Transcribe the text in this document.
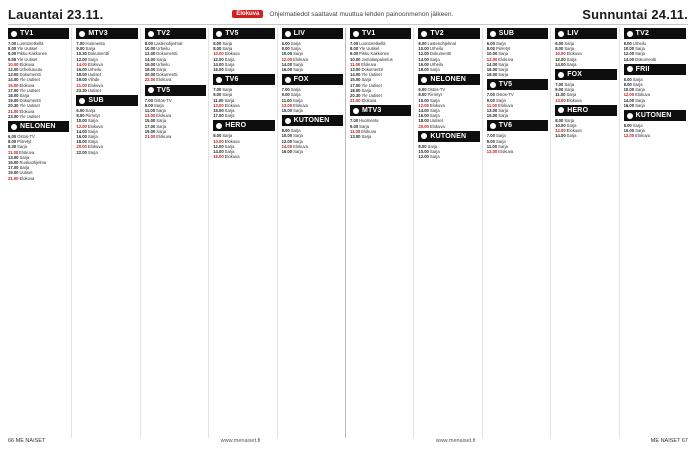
Lauantai 23.11.	Elokuva	Ohjelmatiedot saattavat muuttua lehden painoonmenon jälkeen.	Sunnuntai 24.11.
TV1
7.00Luontoretkellä
8.00Yle Uutiset
9.00Pikku Kakkonen
9.55Yle Uutiset
10.00Elokuva
12.00Urheiluruutu
13.00Dokumentti
14.00Yle Uutiset
15.00Elokuva
17.00Yle Uutiset
18.00Sarja
19.00Dokumentti
20.30Yle Uutiset
21.00Elokuva
23.00Yle Uutiset
NELONEN
6.00Ostos-TV
8.00Piirretyt
9.30Sarja
11.00Elokuva
13.00Sarja
15.00Ruokaohjelma
17.00Sarja
19.00Uutiset
21.00Elokuva
MTV3
7.00Huomenta
9.00Sarja
10.30Dokumentti
12.00Sarja
14.00Elokuva
16.00Urheilu
18.00Uutiset
19.00Viihde
21.00Elokuva
23.30Uutiset
SUB
6.00Sarja
8.00Piirretyt
10.00Sarja
12.00Elokuva
14.00Sarja
16.00Sarja
18.00Sarja
20.00Elokuva
22.00Sarja
TV2
8.00Lastenohjelmat
10.00Urheilu
12.00Dokumentti
14.00Sarja
16.00Urheilu
18.00Sarja
20.00Dokumentti
22.00Elokuva
TV5
7.00Ostos-TV
9.00Sarja
11.00Sarja
13.00Elokuva
15.00Sarja
17.00Sarja
19.00Sarja
21.00Elokuva
TV5
6.00Sarja
8.00Sarja
10.00Elokuva
12.00Sarja
14.00Sarja
16.00Sarja
TV6
7.00Sarja
9.00Sarja
11.00Sarja
13.00Elokuva
15.00Sarja
17.00Sarja
HERO
8.00Sarja
10.00Elokuva
12.00Sarja
14.00Sarja
16.00Elokuva
LIV
6.00Sarja
8.00Sarja
10.00Sarja
12.00Elokuva
14.00Sarja
16.00Sarja
FOX
7.00Sarja
9.00Sarja
11.00Sarja
13.00Elokuva
15.00Sarja
KUTONEN
8.00Sarja
10.00Sarja
12.00Sarja
14.00Elokuva
16.00Sarja
TV1
7.00Luontoretkellä
8.00Yle Uutiset
9.00Pikku Kakkonen
10.00Jumalanpalvelus
11.00Elokuva
13.00Dokumentti
14.00Yle Uutiset
15.00Sarja
17.00Yle Uutiset
18.00Sarja
20.30Yle Uutiset
21.00Elokuva
MTV3
7.00Huomenta
9.00Sarja
11.00Elokuva
13.00Sarja
TV2
8.00Lastenohjelmat
10.00Urheilu
12.00Dokumentti
14.00Sarja
16.00Urheilu
18.00Sarja
NELONEN
6.00Ostos-TV
8.00Piirretyt
10.00Sarja
12.00Elokuva
14.00Sarja
16.00Sarja
18.00Uutiset
20.00Elokuva
KUTONEN
8.00Sarja
10.00Sarja
12.00Sarja
SUB
6.00Sarja
8.00Piirretyt
10.00Sarja
12.00Elokuva
14.00Sarja
16.00Sarja
18.00Sarja
TV5
7.00Ostos-TV
9.00Sarja
11.00Elokuva
13.00Sarja
15.00Sarja
TV6
7.00Sarja
9.00Sarja
11.00Sarja
13.00Elokuva
LIV
6.00Sarja
8.00Sarja
10.00Elokuva
12.00Sarja
14.00Sarja
FOX
7.00Sarja
9.00Sarja
11.00Sarja
13.00Elokuva
HERO
8.00Sarja
10.00Sarja
12.00Elokuva
14.00Sarja
TV2
8.00Urheilu
10.00Sarja
12.00Sarja
14.00Dokumentti
FRII
6.00Sarja
8.00Sarja
10.00Sarja
12.00Elokuva
14.00Sarja
16.00Sarja
KUTONEN
8.00Sarja
10.00Sarja
12.00Elokuva
66 ME NAISET	www.menaiset.fi	www.menaiset.fi	ME NAISET 67
